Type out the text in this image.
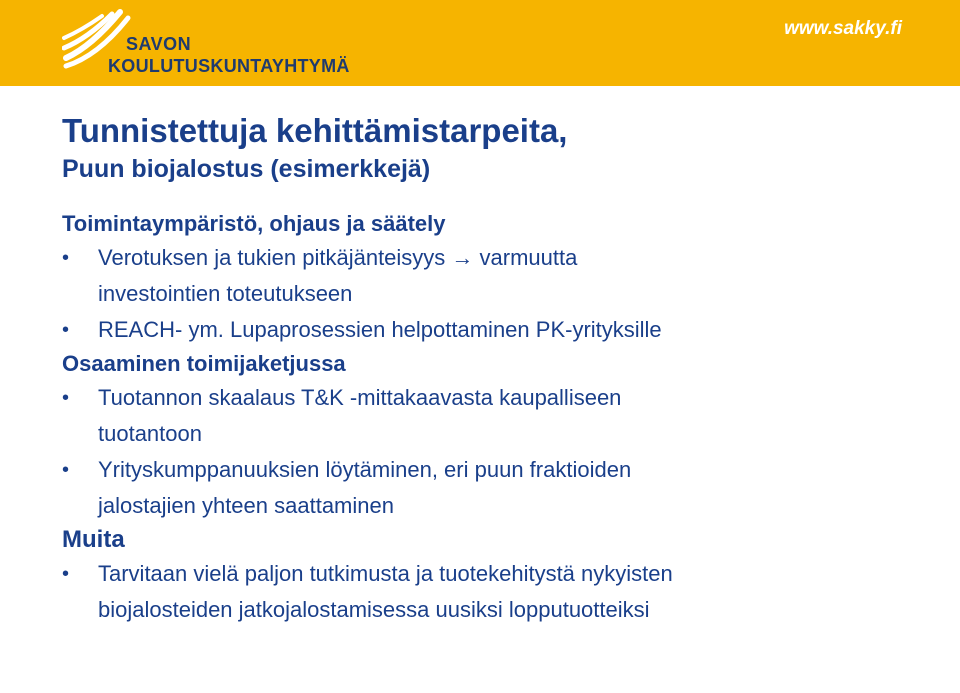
SAVON
KOULUTUSKUNTAYHTYMÄ
www.sakky.fi
Tunnistettuja kehittämistarpeita,
Puun biojalostus (esimerkkejä)
Toimintaympäristö, ohjaus ja säätely
•	Verotuksen ja tukien pitkäjänteisyys → varmuutta
investointien toteutukseen
•	REACH- ym. Lupaprosessien helpottaminen PK-yrityksille
Osaaminen toimijaketjussa
•	Tuotannon skaalaus T&K -mittakaavasta kaupalliseen
tuotantoon
•	Yrityskumppanuuksien löytäminen, eri puun fraktioiden
jalostajien yhteen saattaminen
Muita
•	Tarvitaan vielä paljon tutkimusta ja tuotekehitystä nykyisten
biojalosteiden jatkojalostamisessa uusiksi lopputuotteiksi
